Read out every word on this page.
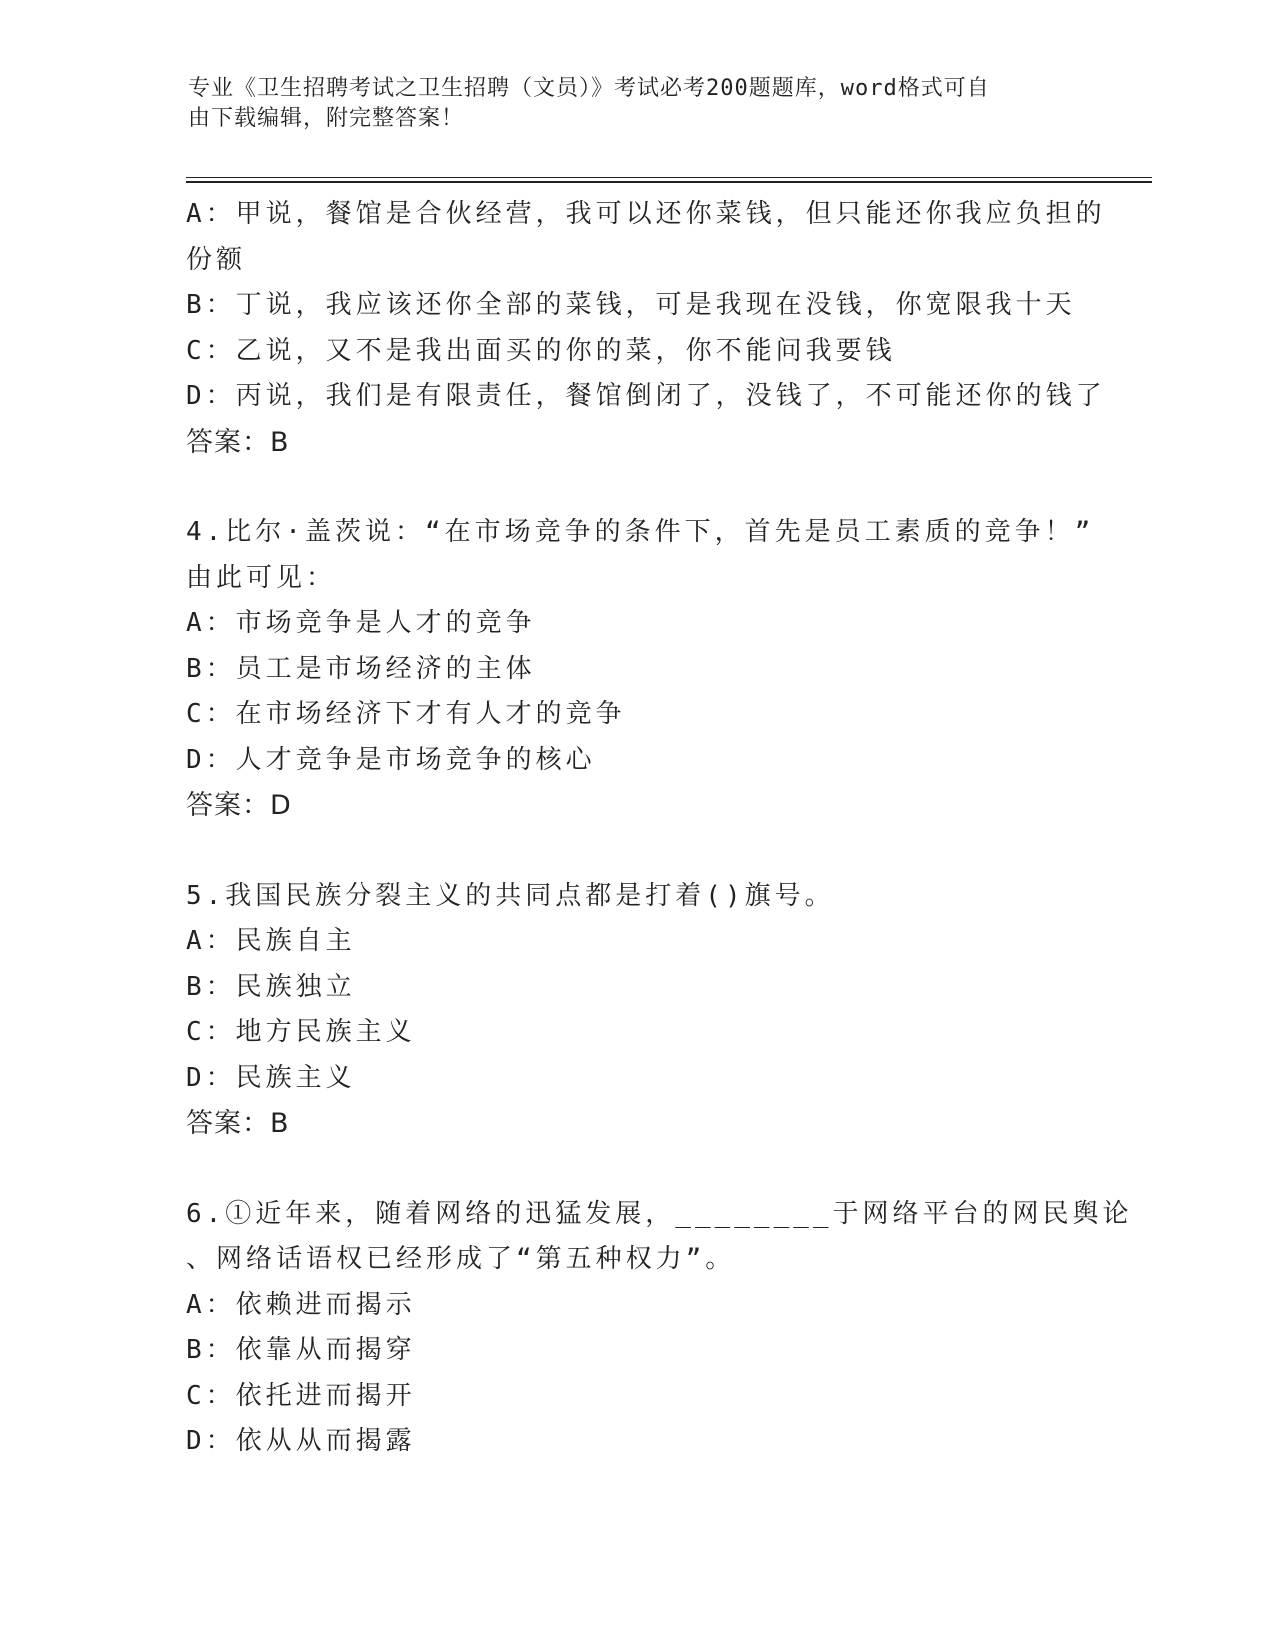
专业《卫生招聘考试之卫生招聘（文员）》考试必考200题题库，word格式可自
由下载编辑，附完整答案！
A：甲说，餐馆是合伙经营，我可以还你菜钱，但只能还你我应负担的
份额
B：丁说，我应该还你全部的菜钱，可是我现在没钱，你宽限我十天
C：乙说，又不是我出面买的你的菜，你不能问我要钱
D：丙说，我们是有限责任，餐馆倒闭了，没钱了，不可能还你的钱了
答案：B
4.比尔·盖茨说：“在市场竞争的条件下，首先是员工素质的竞争！”
由此可见：
A：市场竞争是人才的竞争
B：员工是市场经济的主体
C：在市场经济下才有人才的竞争
D：人才竞争是市场竞争的核心
答案：D
5.我国民族分裂主义的共同点都是打着()旗号。
A：民族自主
B：民族独立
C：地方民族主义
D：民族主义
答案：B
6.①近年来，随着网络的迅猛发展，________于网络平台的网民舆论
、网络话语权已经形成了“第五种权力”。
A：依赖进而揭示
B：依靠从而揭穿
C：依托进而揭开
D：依从从而揭露
